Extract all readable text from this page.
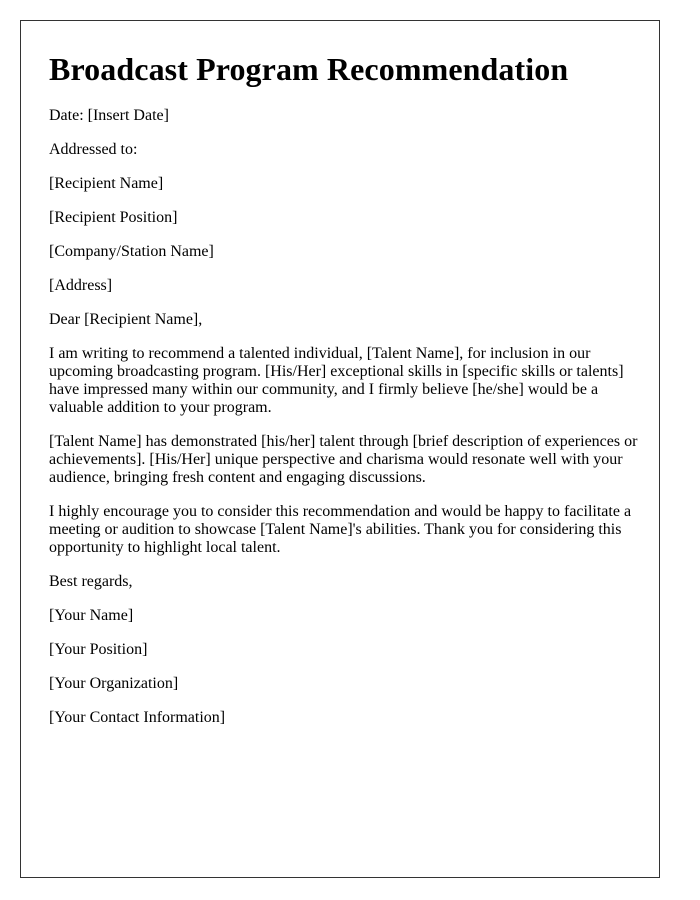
Broadcast Program Recommendation

Date: [Insert Date]

Addressed to:

[Recipient Name]

[Recipient Position]

[Company/Station Name]

[Address]

Dear [Recipient Name],

I am writing to recommend a talented individual, [Talent Name], for inclusion in our upcoming broadcasting program. [His/Her] exceptional skills in [specific skills or talents] have impressed many within our community, and I firmly believe [he/she] would be a valuable addition to your program.

[Talent Name] has demonstrated [his/her] talent through [brief description of experiences or achievements]. [His/Her] unique perspective and charisma would resonate well with your audience, bringing fresh content and engaging discussions.

I highly encourage you to consider this recommendation and would be happy to facilitate a meeting or audition to showcase [Talent Name]'s abilities. Thank you for considering this opportunity to highlight local talent.

Best regards,

[Your Name]

[Your Position]

[Your Organization]

[Your Contact Information]
